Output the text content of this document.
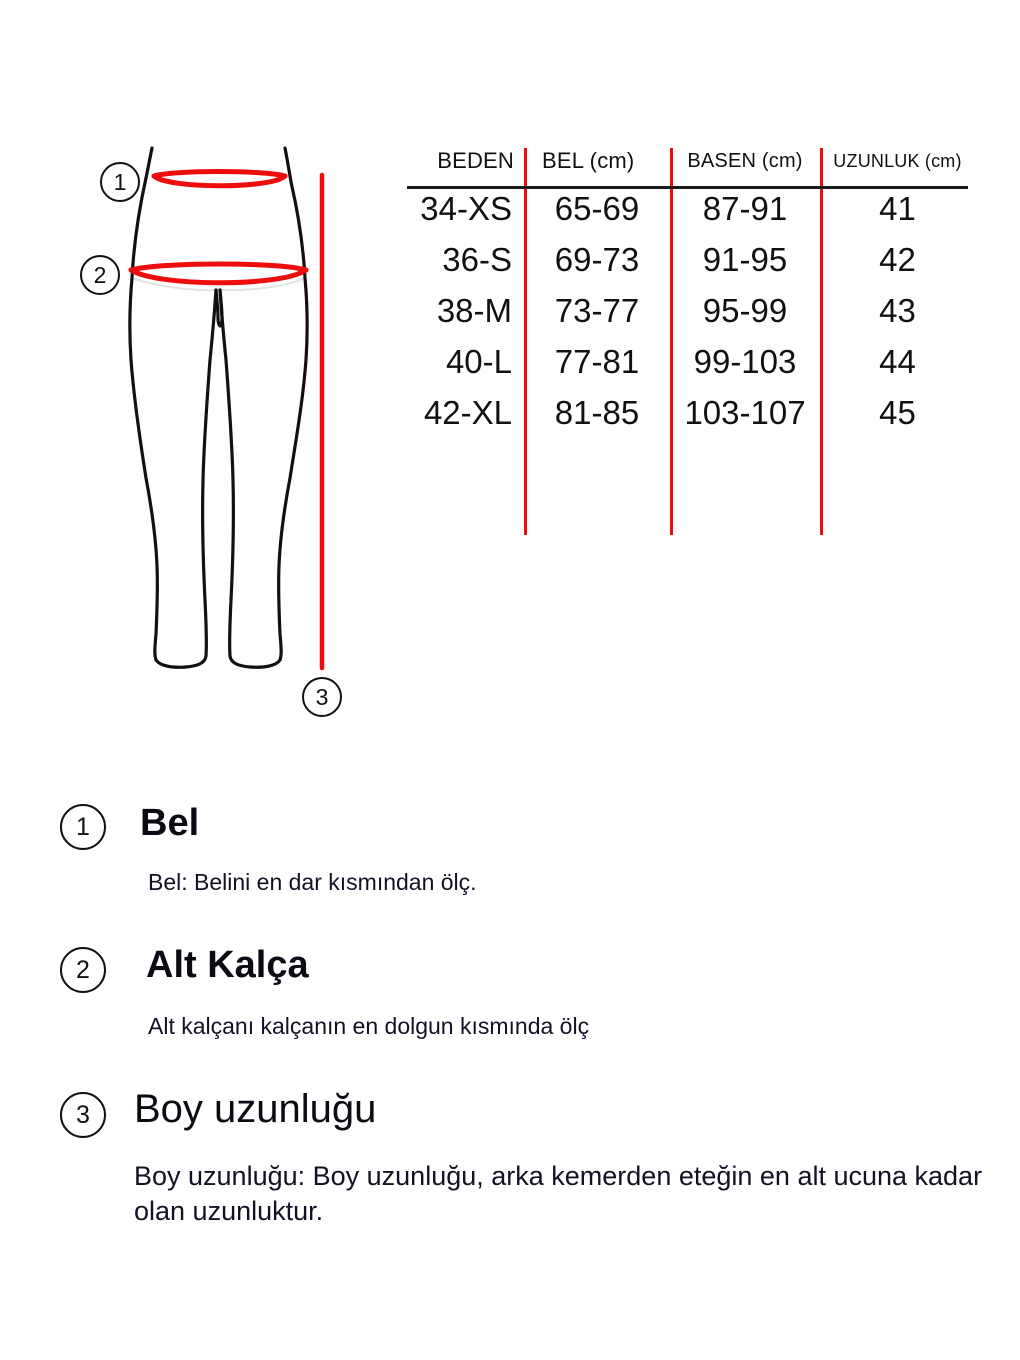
1
2
3
BEDEN	BEL (cm)	BASEN (cm)	UZUNLUK (cm)
34-XS	65-69	87-91	41
36-S	69-73	91-95	42
38-M	73-77	95-99	43
40-L	77-81	99-103	44
42-XL	81-85	103-107	45
1 Bel
Bel: Belini en dar kısmından ölç.
2 Alt Kalça
Alt kalçanı kalçanın en dolgun kısmında ölç
3 Boy uzunluğu
Boy uzunluğu: Boy uzunluğu, arka kemerden eteğin en alt ucuna kadar olan uzunluktur.
